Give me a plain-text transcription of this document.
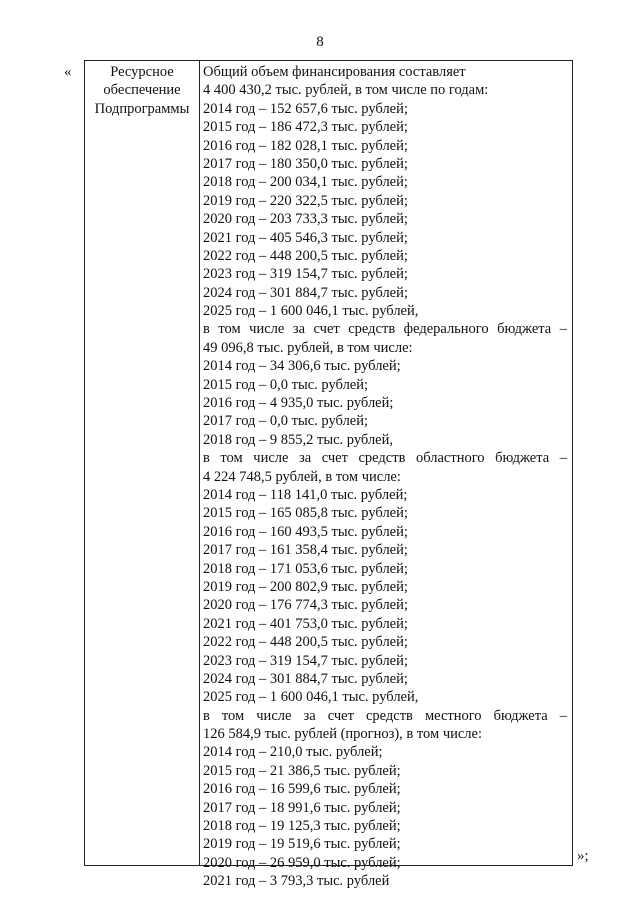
8
«	Ресурсное
обеспечение
Подпрограммы
Общий объем финансирования составляет
4 400 430,2 тыс. рублей, в том числе по годам:
2014 год – 152 657,6 тыс. рублей;
2015 год – 186 472,3 тыс. рублей;
2016 год – 182 028,1 тыс. рублей;
2017 год – 180 350,0 тыс. рублей;
2018 год – 200 034,1 тыс. рублей;
2019 год – 220 322,5 тыс. рублей;
2020 год – 203 733,3 тыс. рублей;
2021 год – 405 546,3 тыс. рублей;
2022 год – 448 200,5 тыс. рублей;
2023 год – 319 154,7 тыс. рублей;
2024 год – 301 884,7 тыс. рублей;
2025 год – 1 600 046,1 тыс. рублей,
в том числе за счет средств федерального бюджета –
49 096,8 тыс. рублей, в том числе:
2014 год – 34 306,6 тыс. рублей;
2015 год – 0,0 тыс. рублей;
2016 год – 4 935,0 тыс. рублей;
2017 год – 0,0 тыс. рублей;
2018 год – 9 855,2 тыс. рублей,
в том числе за счет средств областного бюджета –
4 224 748,5 рублей, в том числе:
2014 год – 118 141,0 тыс. рублей;
2015 год – 165 085,8 тыс. рублей;
2016 год – 160 493,5 тыс. рублей;
2017 год – 161 358,4 тыс. рублей;
2018 год – 171 053,6 тыс. рублей;
2019 год – 200 802,9 тыс. рублей;
2020 год – 176 774,3 тыс. рублей;
2021 год – 401 753,0 тыс. рублей;
2022 год – 448 200,5 тыс. рублей;
2023 год – 319 154,7 тыс. рублей;
2024 год – 301 884,7 тыс. рублей;
2025 год – 1 600 046,1 тыс. рублей,
в том числе за счет средств местного бюджета –
126 584,9 тыс. рублей (прогноз), в том числе:
2014 год – 210,0 тыс. рублей;
2015 год – 21 386,5 тыс. рублей;
2016 год – 16 599,6 тыс. рублей;
2017 год – 18 991,6 тыс. рублей;
2018 год – 19 125,3 тыс. рублей;
2019 год – 19 519,6 тыс. рублей;
2020 год – 26 959,0 тыс. рублей;
2021 год – 3 793,3 тыс. рублей
»;
